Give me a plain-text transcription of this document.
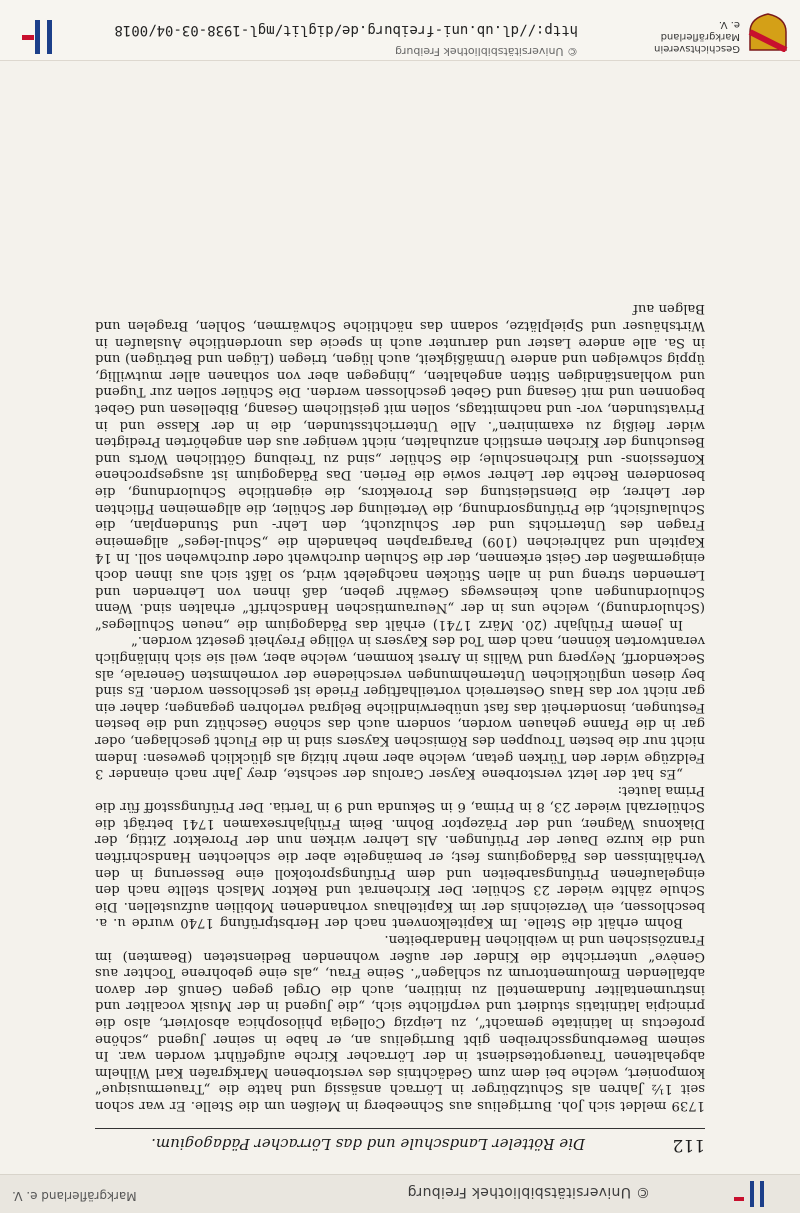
© Universitätsbibliothek Freiburg
Markgräflerland e. V.
112
Die Rötteler Landschule und das Lörracher Pädagogium.

1739 meldet sich Joh. Burrigelius aus Schneeberg in Meißen um die Stelle. Er war schon seit 1½ Jahren als Schutzbürger in Lörrach ansässig und hatte die „Trauermusique“ komponiert, welche bei dem zum Gedächtnis des verstorbenen Markgrafen Karl Wilhelm abgehaltenen Trauergottesdienst in der Lörracher Kirche aufgeführt worden war. In seinem Bewerbungsschreiben gibt Burrigelius an, er habe in seiner Jugend „schöne profectus in latinitate gemacht“, zu Leipzig Collegia philosophica absolviert, also die principia latinitatis studiert und verpflichte sich, „die Jugend in der Musik vocaliter und instrumentaliter fundamentell zu initiiren, auch die Orgel gegen Genuß der davon abfallenden Emolumentorum zu schlagen“. Seine Frau, „als eine gebohrene Tochter aus Genève“ unterrichte die Kinder der außer wohnenden Bediensteten (Beamten) im Französischen und in weiblichen Handarbeiten.

Bohm erhält die Stelle. Im Kapitelkonvent nach der Herbstprüfung 1740 wurde u. a. beschlossen, ein Verzeichnis der im Kapitelhaus vorhandenen Mobilien aufzustellen. Die Schule zählte wieder 23 Schüler. Der Kirchenrat und Rektor Malsch stellte nach den eingelaufenen Prüfungsarbeiten und dem Prüfungsprotokoll eine Besserung in den Verhältnissen des Pädagogiums fest; er bemängelte aber die schlechten Handschriften und die kurze Dauer der Prüfungen. Als Lehrer wirken nun der Prorektor Zittig, der Diakonus Wagner, und der Präzeptor Bohm. Beim Frühjahrsexamen 1741 beträgt die Schülerzahl wieder 23, 8 in Prima, 6 in Sekunda und 9 in Tertia. Der Prüfungsstoff für die Prima lautet:

„Es hat der letzt verstorbene Kayser Carolus der sechste, drey Jahr nach einander 3 Feldzüge wider den Türken getan, welche aber mehr hitzig als glücklich gewesen: Indem nicht nur die besten Trouppen des Römischen Kaysers sind in die Flucht geschlagen, oder gar in die Pfanne gehauen worden, sondern auch das schöne Geschütz und die besten Festungen, insonderheit das fast unüberwindliche Belgrad verlohren gegangen; daher ein gar nicht vor das Haus Oesterreich vorteilhaftiger Friede ist geschlossen worden. Es sind bey diesen unglücklichen Unternehmungen verschiedene der vornehmsten Generale, als Seckendorff, Neyperg und Wallis in Arrest kommen, welche aber, weil sie sich hinlänglich verantworten können, nach dem Tod des Kaysers in völlige Freyheit gesetzt worden.“

In jenem Frühjahr (20. März 1741) erhält das Pädagogium die „neuen Schulleges“ (Schulordnung), welche uns in der „Neuraumtischen Handschrift“ erhalten sind. Wenn Schulordnungen auch keineswegs Gewähr geben, daß ihnen von Lehrenden und Lernenden streng und in allen Stücken nachgelebt wird, so läßt sich aus ihnen doch einigermaßen der Geist erkennen, der die Schulen durchweht oder durchwehen soll. In 14 Kapiteln und zahlreichen (109) Paragraphen behandeln die „Schul-leges“ allgemeine Fragen des Unterrichts und der Schulzucht, den Lehr- und Stundenplan, die Schulaufsicht, die Prüfungsordnung, die Verteilung der Schüler, die allgemeinen Pflichten der Lehrer, die Dienstleistung des Prorektors, die eigentliche Schulordnung, die besonderen Rechte der Lehrer sowie die Ferien. Das Pädagogium ist ausgesprochene Konfessions- und Kirchenschule; die Schüler „sind zu Treibung Göttlichen Worts und Besuchung der Kirchen ernstlich anzuhalten, nicht weniger aus den angehörten Predigten wider fleißig zu examiniren“. Alle Unterrichtsstunden, die in der Klasse und in Privatstunden, vor- und nachmittags, sollen mit geistlichem Gesang, Bibellesen und Gebet begonnen und mit Gesang und Gebet geschlossen werden. Die Schüler sollen zur Tugend und wohlanständigen Sitten angehalten, „hingegen aber von sothanen aller mutwillig, üppig schwelgen und andere Unmäßigkeit, auch lügen, triegen (Lügen und Betrügen) und in Sa. alle andere Laster und darunter auch in specie das unordentliche Auslaufen in Wirtshäuser und Spielplätze, sodann das nächtliche Schwärmen, Sohlen, Bragelen und Balgen auf

Geschichtsverein Markgräflerland e. V.
© Universitätsbibliothek Freiburg
http://dl.ub.uni-freiburg.de/diglit/mgl-1938-03-04/0018
